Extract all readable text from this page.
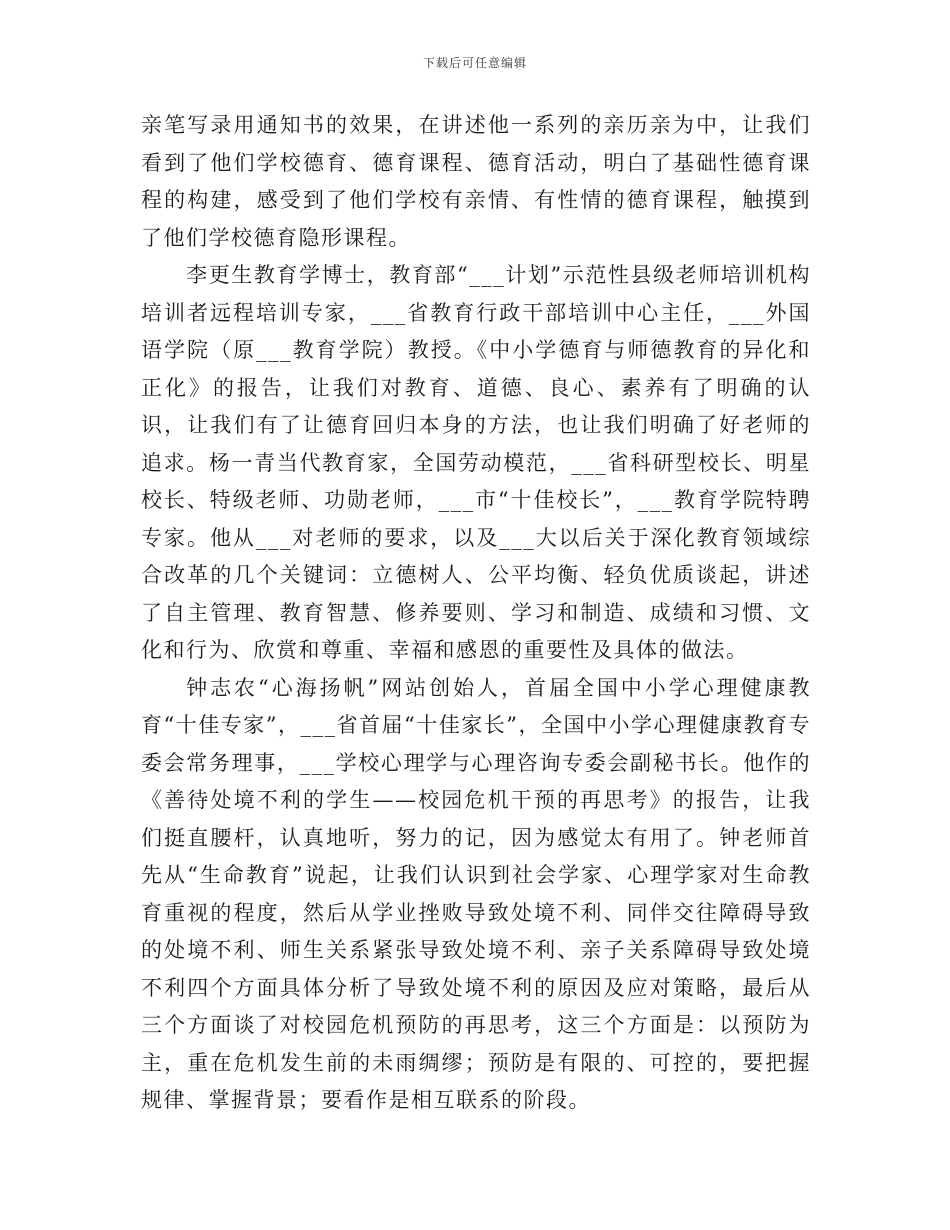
下载后可任意编辑

亲笔写录用通知书的效果，在讲述他一系列的亲历亲为中，让我们看到了他们学校德育、德育课程、德育活动，明白了基础性德育课程的构建，感受到了他们学校有亲情、有性情的德育课程，触摸到了他们学校德育隐形课程。

李更生教育学博士，教育部“___计划”示范性县级老师培训机构培训者远程培训专家，___省教育行政干部培训中心主任，___外国语学院（原___教育学院）教授。《中小学德育与师德教育的异化和正化》的报告，让我们对教育、道德、良心、素养有了明确的认识，让我们有了让德育回归本身的方法，也让我们明确了好老师的追求。杨一青当代教育家，全国劳动模范，___省科研型校长、明星校长、特级老师、功勋老师，___市“十佳校长”，___教育学院特聘专家。他从___对老师的要求，以及___大以后关于深化教育领域综合改革的几个关键词：立德树人、公平均衡、轻负优质谈起，讲述了自主管理、教育智慧、修养要则、学习和制造、成绩和习惯、文化和行为、欣赏和尊重、幸福和感恩的重要性及具体的做法。

钟志农“心海扬帆”网站创始人，首届全国中小学心理健康教育“十佳专家”，___省首届“十佳家长”，全国中小学心理健康教育专委会常务理事，___学校心理学与心理咨询专委会副秘书长。他作的《善待处境不利的学生——校园危机干预的再思考》的报告，让我们挺直腰杆，认真地听，努力的记，因为感觉太有用了。钟老师首先从“生命教育”说起，让我们认识到社会学家、心理学家对生命教育重视的程度，然后从学业挫败导致处境不利、同伴交往障碍导致的处境不利、师生关系紧张导致处境不利、亲子关系障碍导致处境不利四个方面具体分析了导致处境不利的原因及应对策略，最后从三个方面谈了对校园危机预防的再思考，这三个方面是：以预防为主，重在危机发生前的未雨绸缪；预防是有限的、可控的，要把握规律、掌握背景；要看作是相互联系的阶段。
